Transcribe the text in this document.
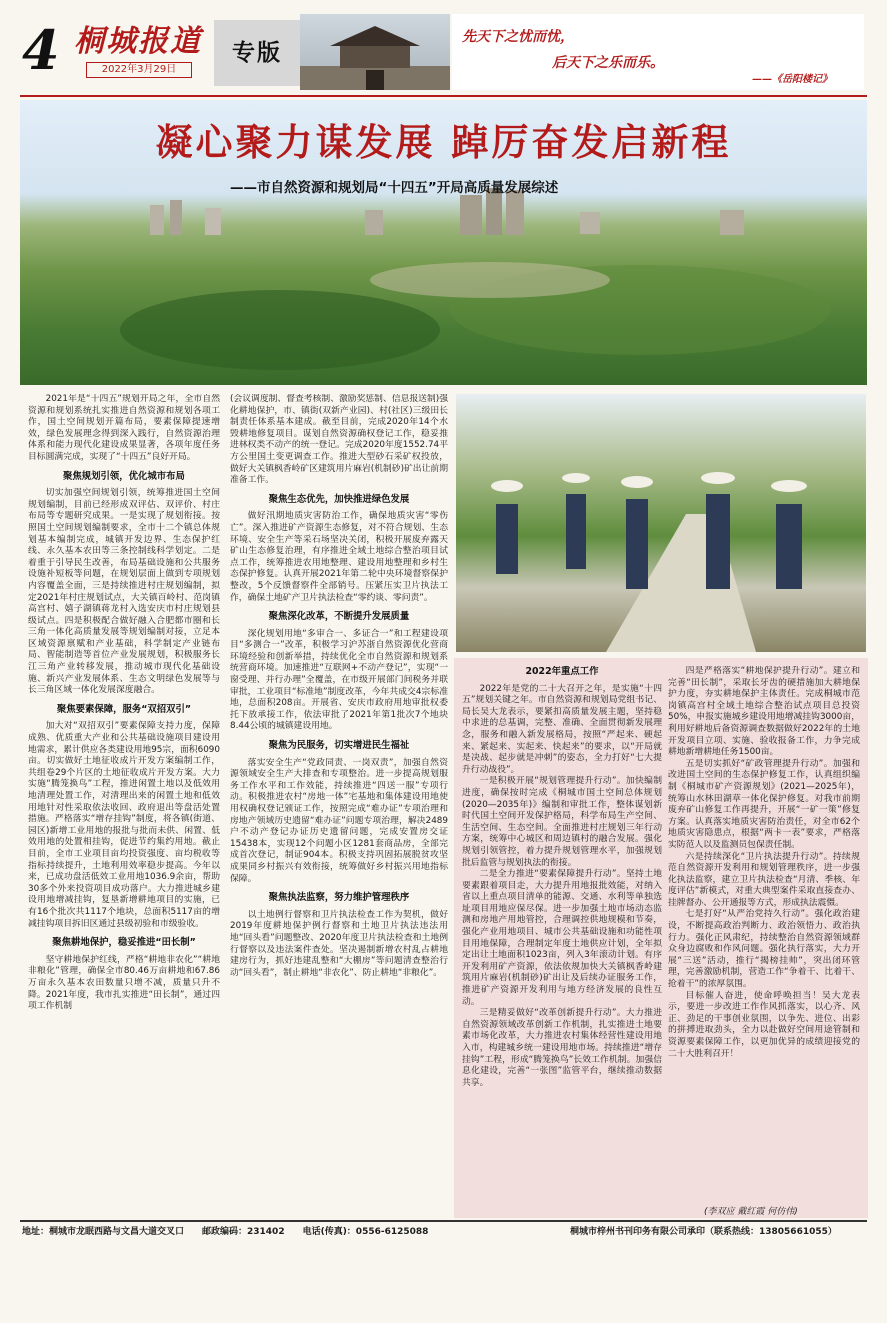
4 桐城报道
2022年3月29日
专版
先天下之忧而忧，
后天下之乐而乐。
——《岳阳楼记》
凝心聚力谋发展 踔厉奋发启新程
——市自然资源和规划局“十四五”开局高质量发展综述

2021年是“十四五”规划开局之年，全市自然资源和规划系统扎实推进自然资源和规划各项工作，国土空间规划开篇布局，要素保障提速增效，绿色发展理念得到深入践行，自然资源治理体系和能力现代化建设成果显著，各项年度任务目标圆满完成，实现了“十四五”良好开局。

聚焦规划引领，优化城市布局

切实加强空间规划引领，统筹推进国土空间规划编制，目前已经形成双评估、双评价、村庄布局等专题研究成果。一是实现了规划衔接。按照国土空间规划编制要求，全市十二个镇总体规划基本编制完成，城镇开发边界、生态保护红线、永久基本农田等三条控制线科学划定。二是着重于引导民生改善，布局基础设施和公共服务设施补短板等问题，在规划层面上做到专项规划内容覆盖全面，三是持续推进村庄规划编制，拟定2021年村庄规划试点，大关镇百岭村、范岗镇高宫村、嬉子湖镇蒋龙村入选安庆市村庄规划县级试点。四是积极配合做好融入合肥都市圈和长三角一体化高质量发展等规划编制对接，立足本区域资源禀赋和产业基础，科学制定产业链布局、智能制造等首位产业发展规划，积极服务长江三角产业转移发展，推动城市现代化基础设施、新兴产业发展体系、生态文明绿色发展等与长三角区域一体化发展深度融合。

聚焦要素保障，服务“双招双引”

加大对“双招双引”要素保障支持力度，保障成熟、优质重大产业和公共基础设施项目建设用地需求，累计供应各类建设用地95宗，面积6090亩。切实做好土地征收成片开发方案编制工作，共组卷29个片区的土地征收成片开发方案。大力实施“腾笼换鸟”工程，推进闲置土地以及低效用地清理处置工作，对清理出来的闲置土地和低效用地针对性采取依法收回、政府退出等盘活处置措施。严格落实“增存挂钩”制度，将各镇(街道、园区)新增工业用地的报批与批而未供、闲置、低效用地的处置相挂钩，促进节约集约用地。截止目前，全市工业项目亩均投资强度、亩均税收等指标持续提升，土地利用效率稳步提高。今年以来，已成功盘活低效工业用地1036.9余亩，帮助30多个外来投资项目成功落户。大力推进城乡建设用地增减挂钩，复垦新增耕地项目的实施，已有16个批次共1117个地块，总面积5117亩的增减挂钩项目拆旧区通过县级初验和市级验收。

聚焦耕地保护，稳妥推进“田长制”

坚守耕地保护红线，严格“耕地非农化”“耕地非粮化”管理，确保全市80.46万亩耕地和67.86万亩永久基本农田数量只增不减，质量只升不降。2021年度，我市扎实推进“田长制”，通过四项工作机制

(会议调度制、督查考核制、激励奖惩制、信息报送制)强化耕地保护，市、镇街(双新产业园)、村(社区)三级田长制责任体系基本建成。截至目前，完成2020年14个水毁耕地修复项目。谋划自然资源确权登记工作，稳妥推进林权类不动产的统一登记。完成2020年度1552.74平方公里国土变更调查工作。推进大型砂石采矿权投放，做好大关镇枫香岭矿区建筑用片麻岩(机制砂)矿出让前期准备工作。

聚焦生态优先，加快推进绿色发展

做好汛期地质灾害防治工作，确保地质灾害“零伤亡”。深入推进矿产资源生态修复，对不符合规划、生态环境、安全生产等采石场坚决关闭，积极开展废弃露天矿山生态修复治理，有序推进全域土地综合整治项目试点工作，统筹推进农用地整理、建设用地整理和乡村生态保护修复。认真开展2021年第二轮中央环境督察保护整改，5个反馈督察件全部销号。压紧压实卫片执法工作，确保土地矿产卫片执法检查“零约谈、零问责”。

聚焦深化改革，不断提升发展质量

深化规划用地“多审合一、多证合一”和工程建设项目“多测合一”改革，积极学习沪苏浙自然资源优化营商环境经验和创新举措，持续优化全市自然资源和规划系统营商环境。加速推进“互联网+不动产登记”，实现“一窗受理、并行办理”全覆盖，在市级开展部门间税务并联审批，工业项目“标准地”制度改革，今年共成交4宗标准地，总面积208亩。开展省、安庆市政府用地审批权委托下放承接工作，依法审批了2021年第1批次7个地块8.44公顷的城镇建设用地。

聚焦为民服务，切实增进民生福祉

落实安全生产“党政同责、一岗双责”，加强自然资源领域安全生产大排查和专项整治。进一步提高规划服务工作水平和工作效能，持续推进“四送一服”专项行动。积极推进农村“房地一体”宅基地和集体建设用地使用权确权登记颁证工作，按照完成“难办证”专项治理和房地产领域历史遗留“难办证”问题专项治理，解决2489户不动产登记办证历史遗留问题，完成安置房交证15438本，实现12个问题小区1281套商品房，全部完成首次登记，制证904本。积极支持巩固拓展脱贫攻坚成果同乡村振兴有效衔接，统筹做好乡村振兴用地指标保障。

聚焦执法监察，努力维护管理秩序

以土地例行督察和卫片执法检查工作为契机，做好2019年度耕地保护例行督察和土地卫片执法违法用地“回头看”问题整改、2020年度卫片执法检查和土地例行督察以及违法案件查处。坚决遏制新增农村乱占耕地建房行为，抓好违建乱整和“大棚房”等问题清查整治行动“回头看”，制止耕地“非农化”、防止耕地“非粮化”。

2022年重点工作

2022年是党的二十大召开之年，是实施“十四五”规划关键之年。市自然资源和规划局党组书记、局长吴大龙表示，要紧扣高质量发展主题，坚持稳中求进的总基调，完整、准确、全面贯彻新发展理念，服务和融入新发展格局，按照“严起来、硬起来、紧起来、实起来、快起来”的要求，以“开局就是决战、起步就是冲刺”的姿态，全力打好“七大提升行动战役”。

一是积极开展“规划管理提升行动”。加快编制进度，确保按时完成《桐城市国土空间总体规划(2020—2035年)》编制和审批工作，整体谋划新时代国土空间开发保护格局，科学布局生产空间、生活空间、生态空间。全面推进村庄规划三年行动方案，统筹中心城区和周边镇村的融合发展。强化规划引领管控，着力提升规划管理水平，加强规划批后监管与规划执法的衔接。

二是全力推进“要素保障提升行动”。坚持土地要素跟着项目走，大力提升用地报批效能，对纳入省以上重点项目清单的能源、交通、水利等单独选址项目用地应保尽保。进一步加强土地市场动态监测和房地产用地管控，合理调控供地规模和节奏，强化产业用地项目、城市公共基础设施和功能性项目用地保障，合理制定年度土地供应计划，全年拟定出让土地面积1023亩，列入3年滚动计划。有序开发利用矿产资源，依法依规加快大关镇枫香岭建筑用片麻岩(机制砂)矿出让及后续办证服务工作，推进矿产资源开发利用与地方经济发展的良性互动。

三是精妥做好“改革创新提升行动”。大力推进自然资源领域改革创新工作机制，扎实推进土地要素市场化改革，大力推进农村集体经营性建设用地入市，构建城乡统一建设用地市场。持续推进“增存挂钩”工程，形成“腾笼换鸟”长效工作机制。加强信息化建设，完善“一张图”监管平台，继续推动数据共享。

四是严格落实“耕地保护提升行动”。建立和完善“田长制”，采取长牙齿的硬措施加大耕地保护力度，夯实耕地保护主体责任。完成桐城市范岗镇高宫村全域土地综合整治试点项目总投资50%，申报实施城乡建设用地增减挂钩3000亩，利用好耕地后备资源调查数据做好2022年的土地开发项目立项、实施、验收报备工作，力争完成耕地新增耕地任务1500亩。

五是切实抓好“矿政管理提升行动”。加强和改进国土空间的生态保护修复工作，认真组织编制《桐城市矿产资源规划》(2021—2025年)，统筹山水林田湖草一体化保护修复。对我市前期废弃矿山修复工作再提升，开展“一矿一策”修复方案。认真落实地质灾害防治责任，对全市62个地质灾害隐患点，根据“两卡一表”要求，严格落实防范人以及监测员包保责任制。

六是持续深化“卫片执法提升行动”。持续规范自然资源开发利用和规划管理秩序，进一步强化执法监察，建立卫片执法检查“月清、季核、年度评估”新模式，对重大典型案件采取直接查办、挂牌督办、公开通报等方式，形成执法震慑。

七是打好“从严治党持久行动”。强化政治建设，不断提高政治判断力、政治领悟力、政治执行力。强化正风肃纪，持续整治自然资源领域群众身边腐败和作风问题。强化执行落实，大力开展“三送”活动，推行“揭榜挂帅”，突出闭环管理，完善激励机制，营造工作“争着干、比着干、抢着干”的浓厚氛围。

目标催人奋进，使命呼唤担当！吴大龙表示，要进一步改进工作作风抓落实，以心齐、风正、劲足的干事创业氛围，以争先、进位、出彩的拼搏进取劲头，全力以赴做好空间用途管制和资源要素保障工作，以更加优异的成绩迎接党的二十大胜利召开！

(李双应 戴红霞 何仿伟)
地址：桐城市龙眠西路与文昌大道交叉口　　邮政编码：231402　　电话(传真)：0556-6125088	桐城市梓州书刊印务有限公司承印（联系热线：13805661055）
